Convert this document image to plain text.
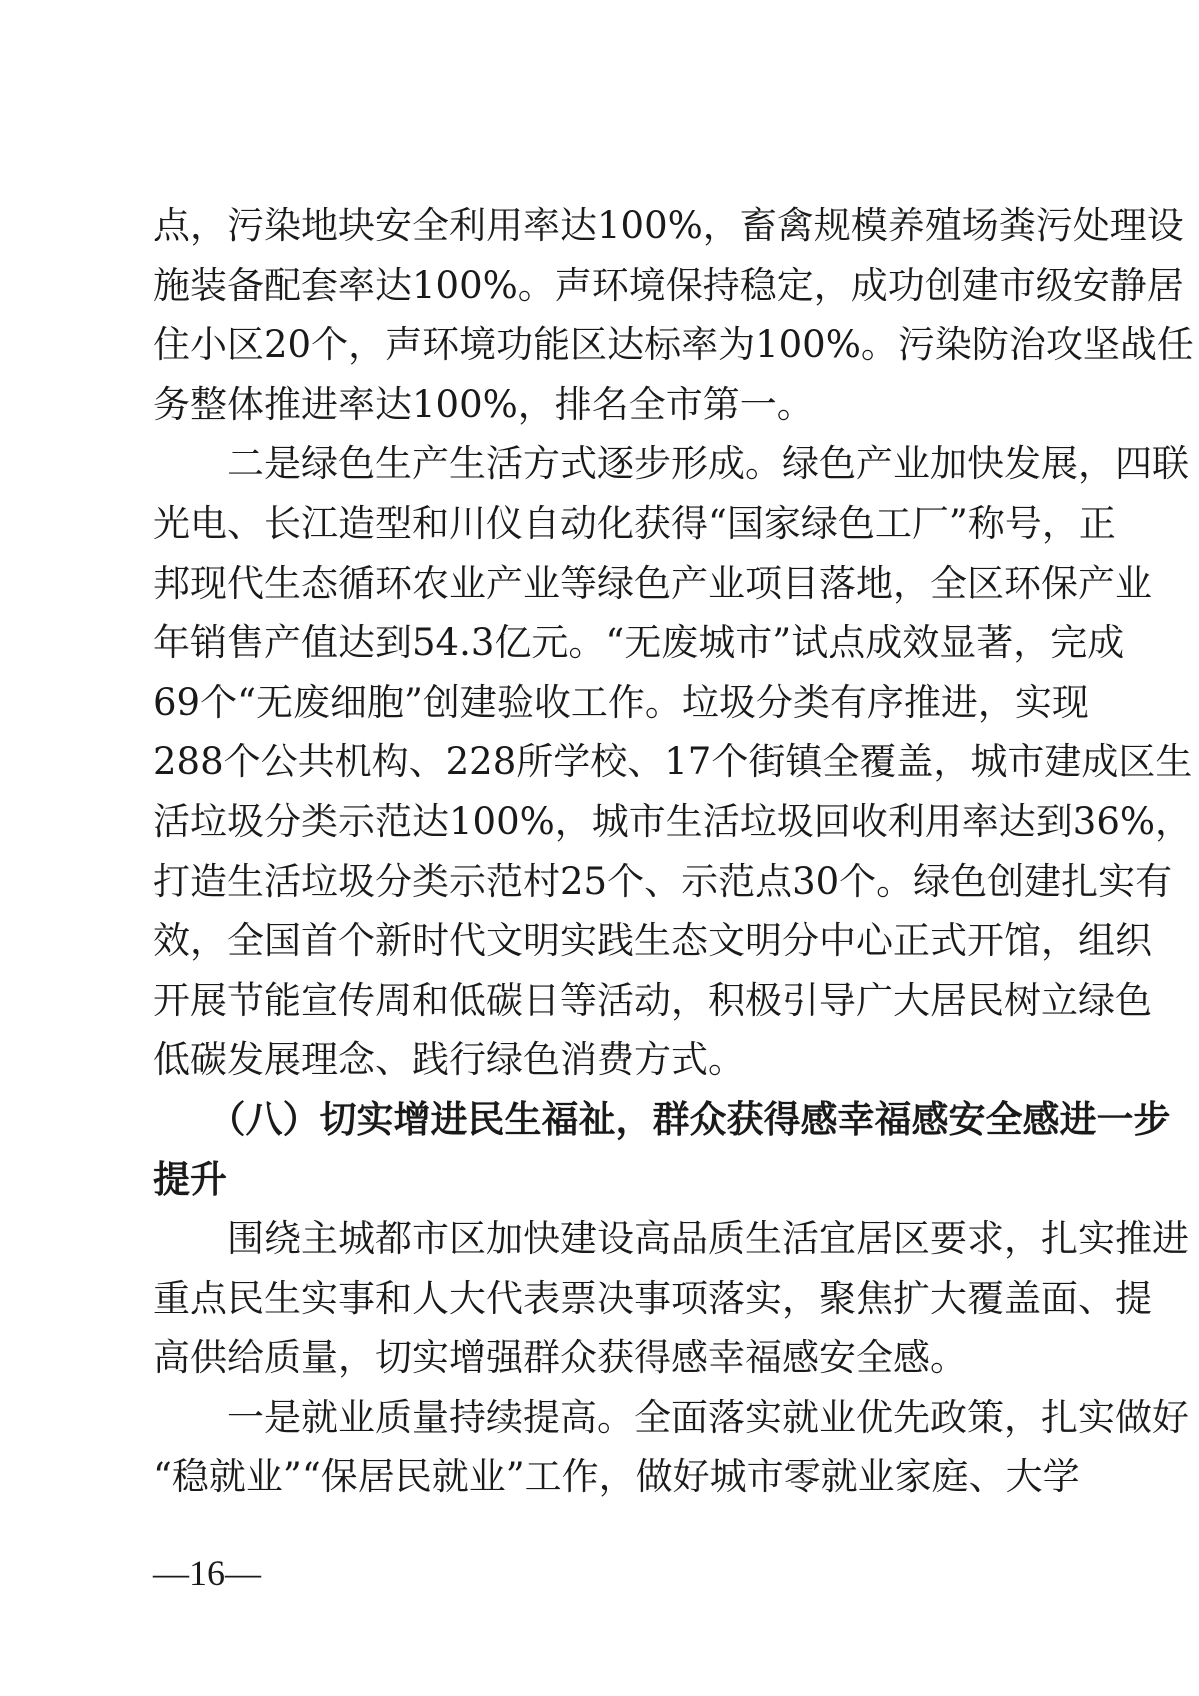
点，污染地块安全利用率达100%，畜禽规模养殖场粪污处理设
施装备配套率达100%。声环境保持稳定，成功创建市级安静居
住小区20个，声环境功能区达标率为100%。污染防治攻坚战任
务整体推进率达100%，排名全市第一。
　　二是绿色生产生活方式逐步形成。绿色产业加快发展，四联
光电、长江造型和川仪自动化获得“国家绿色工厂”称号，正
邦现代生态循环农业产业等绿色产业项目落地，全区环保产业
年销售产值达到54.3亿元。“无废城市”试点成效显著，完成
69个“无废细胞”创建验收工作。垃圾分类有序推进，实现
288个公共机构、228所学校、17个街镇全覆盖，城市建成区生
活垃圾分类示范达100%，城市生活垃圾回收利用率达到36%，
打造生活垃圾分类示范村25个、示范点30个。绿色创建扎实有
效，全国首个新时代文明实践生态文明分中心正式开馆，组织
开展节能宣传周和低碳日等活动，积极引导广大居民树立绿色
低碳发展理念、践行绿色消费方式。
　　（八）切实增进民生福祉，群众获得感幸福感安全感进一步
提升
　　围绕主城都市区加快建设高品质生活宜居区要求，扎实推进
重点民生实事和人大代表票决事项落实，聚焦扩大覆盖面、提
高供给质量，切实增强群众获得感幸福感安全感。
　　一是就业质量持续提高。全面落实就业优先政策，扎实做好
“稳就业”“保居民就业”工作，做好城市零就业家庭、大学
—16—
